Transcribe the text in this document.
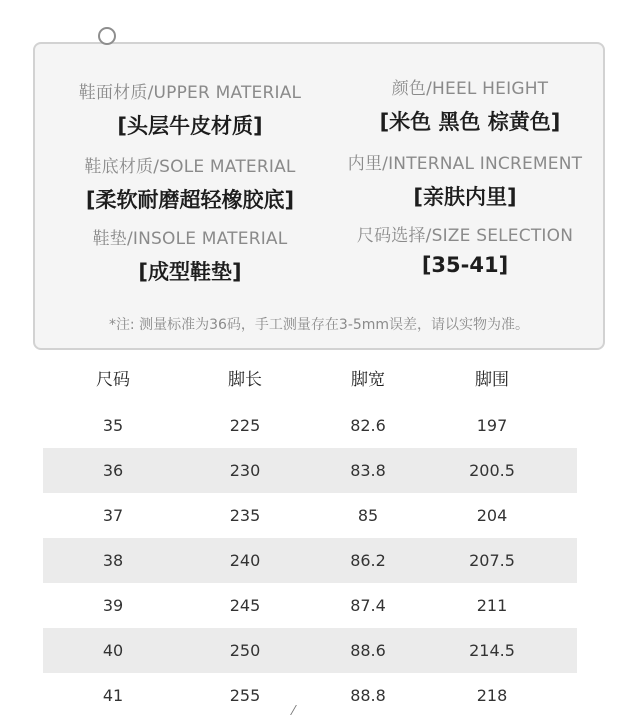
鞋面材质/UPPER MATERIAL
[头层牛皮材质]
颜色/HEEL HEIGHT
[米色 黑色 棕黄色]
鞋底材质/SOLE MATERIAL
[柔软耐磨超轻橡胶底]
内里/INTERNAL INCREMENT
[亲肤内里]
鞋垫/INSOLE MATERIAL
[成型鞋垫]
尺码选择/SIZE SELECTION
[35-41]
*注: 测量标准为36码，手工测量存在3-5mm误差，请以实物为准。
尺码	脚长	脚宽	脚围
35	225	82.6	197
36	230	83.8	200.5
37	235	85	204
38	240	86.2	207.5
39	245	87.4	211
40	250	88.6	214.5
41	255	88.8	218
